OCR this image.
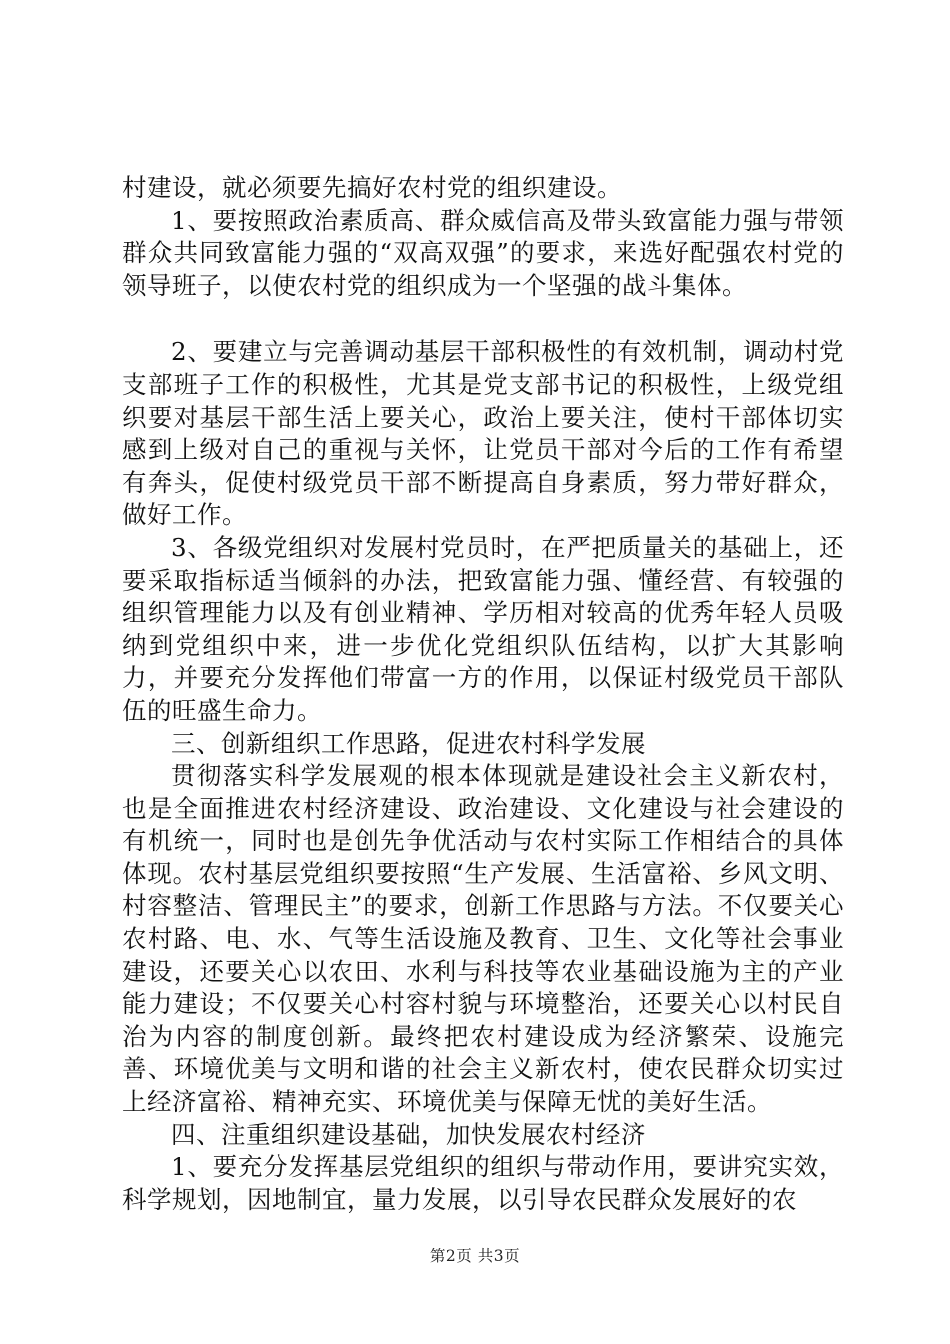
村建设，就必须要先搞好农村党的组织建设。

1、要按照政治素质高、群众威信高及带头致富能力强与带领群众共同致富能力强的“双高双强”的要求，来选好配强农村党的领导班子，以使农村党的组织成为一个坚强的战斗集体。

2、要建立与完善调动基层干部积极性的有效机制，调动村党支部班子工作的积极性，尤其是党支部书记的积极性，上级党组织要对基层干部生活上要关心，政治上要关注，使村干部体切实感到上级对自己的重视与关怀，让党员干部对今后的工作有希望有奔头，促使村级党员干部不断提高自身素质，努力带好群众，做好工作。

3、各级党组织对发展村党员时，在严把质量关的基础上，还要采取指标适当倾斜的办法，把致富能力强、懂经营、有较强的组织管理能力以及有创业精神、学历相对较高的优秀年轻人员吸纳到党组织中来，进一步优化党组织队伍结构，以扩大其影响力，并要充分发挥他们带富一方的作用，以保证村级党员干部队伍的旺盛生命力。

三、创新组织工作思路，促进农村科学发展

贯彻落实科学发展观的根本体现就是建设社会主义新农村，也是全面推进农村经济建设、政治建设、文化建设与社会建设的有机统一，同时也是创先争优活动与农村实际工作相结合的具体体现。农村基层党组织要按照“生产发展、生活富裕、乡风文明、村容整洁、管理民主”的要求，创新工作思路与方法。不仅要关心农村路、电、水、气等生活设施及教育、卫生、文化等社会事业建设，还要关心以农田、水利与科技等农业基础设施为主的产业能力建设；不仅要关心村容村貌与环境整治，还要关心以村民自治为内容的制度创新。最终把农村建设成为经济繁荣、设施完善、环境优美与文明和谐的社会主义新农村，使农民群众切实过上经济富裕、精神充实、环境优美与保障无忧的美好生活。

四、注重组织建设基础，加快发展农村经济

1、要充分发挥基层党组织的组织与带动作用，要讲究实效，科学规划，因地制宜，量力发展，以引导农民群众发展好的农

第2页 共3页
